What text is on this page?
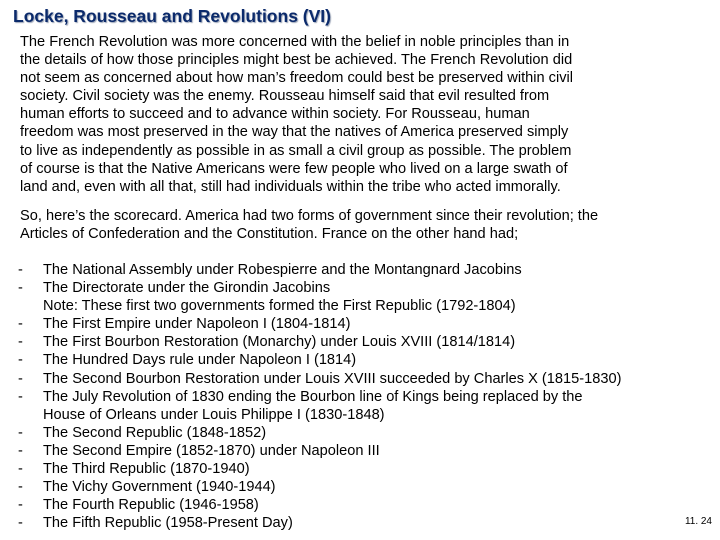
Locke, Rousseau and Revolutions (VI)
The French Revolution was more concerned with the belief in noble principles than in
the details of how those principles might best be achieved. The French Revolution did
not seem as concerned about how man’s freedom could best be preserved within civil
society. Civil society was the enemy. Rousseau himself said that evil resulted from
human efforts to succeed and to advance within society. For Rousseau, human
freedom was most preserved in the way that the natives of America preserved simply
to live as independently as possible in as small a civil group as possible. The problem
of course is that the Native Americans were few people who lived on a large swath of
land and, even with all that, still had individuals within the tribe who acted immorally.
So, here’s the scorecard. America had two forms of government since their revolution; the
Articles of Confederation and the Constitution. France on the other hand had;
- The National Assembly under Robespierre and the Montangnard Jacobins
- The Directorate under the Girondin Jacobins
Note: These first two governments formed the First Republic (1792-1804)
- The First Empire under Napoleon I (1804-1814)
- The First Bourbon Restoration (Monarchy) under Louis XVIII (1814/1814)
- The Hundred Days rule under Napoleon I (1814)
- The Second Bourbon Restoration under Louis XVIII succeeded by Charles X (1815-1830)
- The July Revolution of 1830 ending the Bourbon line of Kings being replaced by the
House of Orleans under Louis Philippe I (1830-1848)
- The Second Republic (1848-1852)
- The Second Empire (1852-1870) under Napoleon III
- The Third Republic (1870-1940)
- The Vichy Government (1940-1944)
- The Fourth Republic (1946-1958)
- The Fifth Republic (1958-Present Day)	11. 24
